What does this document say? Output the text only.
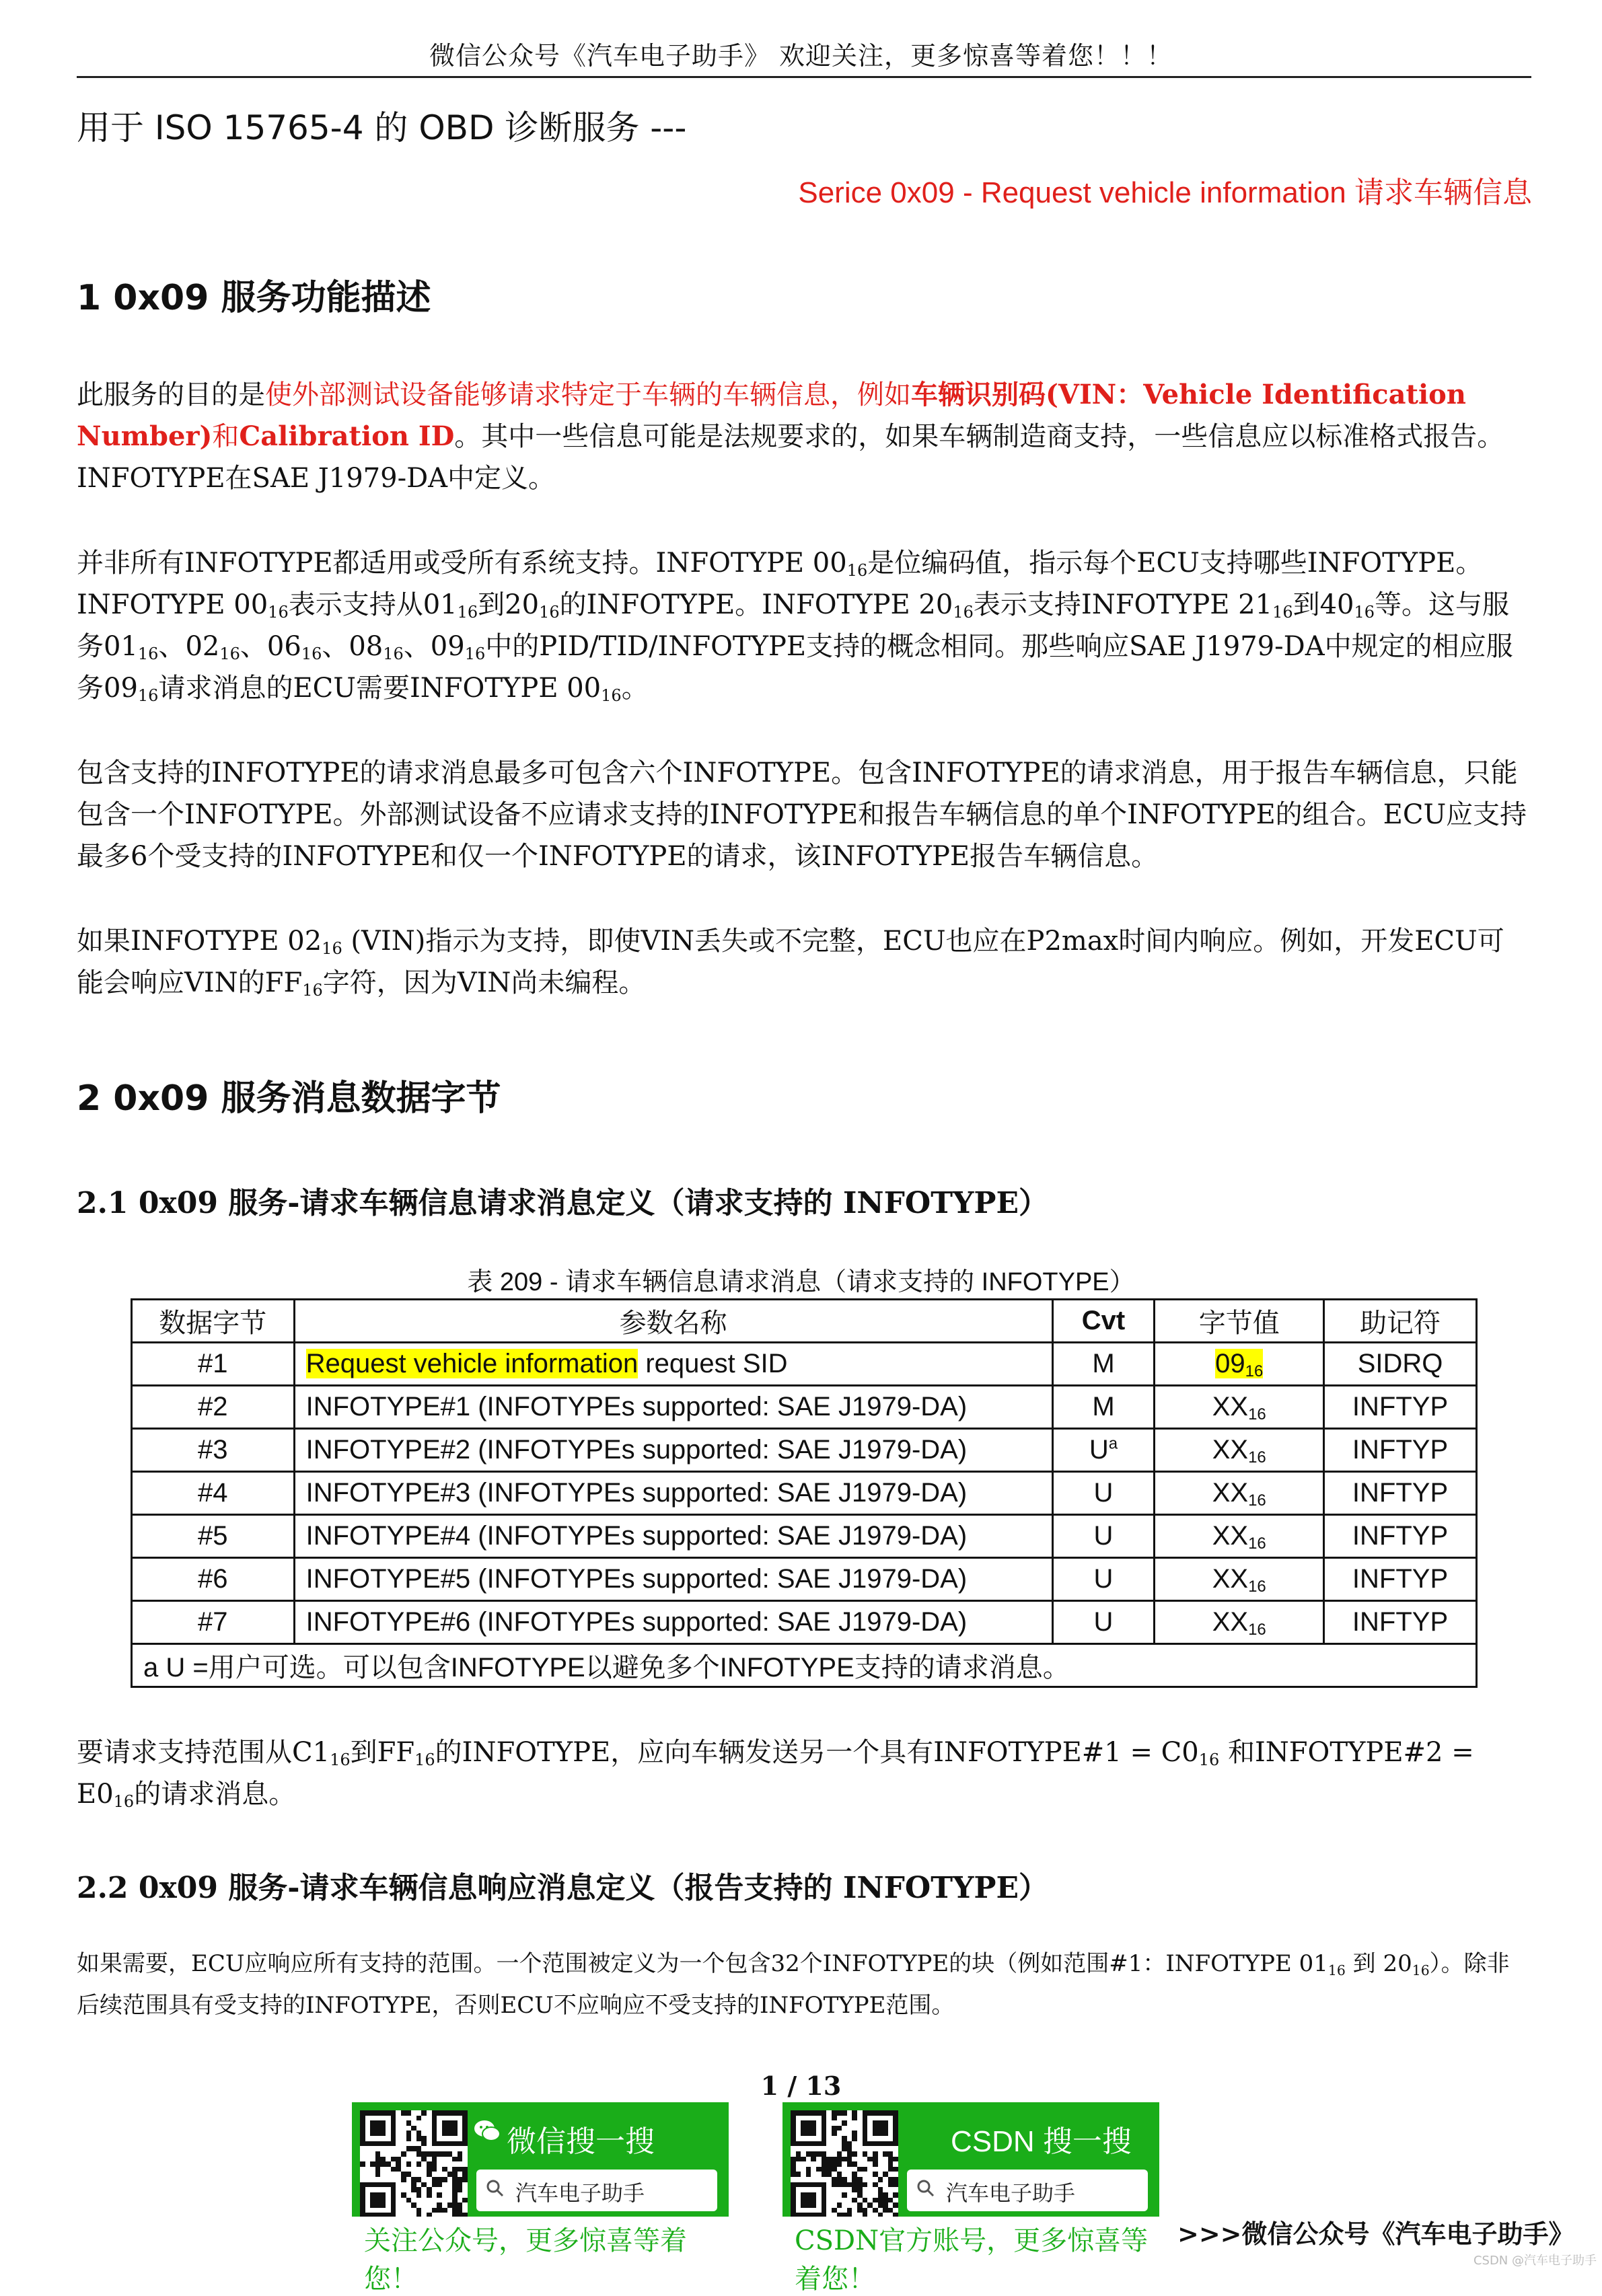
微信公众号《汽车电子助手》 欢迎关注，更多惊喜等着您！！！
用于 ISO 15765-4 的 OBD 诊断服务 ---
Serice 0x09 - Request vehicle information 请求车辆信息
1 0x09 服务功能描述
此服务的目的是使外部测试设备能够请求特定于车辆的车辆信息，例如车辆识别码(VIN：Vehicle Identification Number)和Calibration ID。其中一些信息可能是法规要求的，如果车辆制造商支持，一些信息应以标准格式报告。INFOTYPE在SAE J1979-DA中定义。
并非所有INFOTYPE都适用或受所有系统支持。INFOTYPE $00_{16}$是位编码值，指示每个ECU支持哪些INFOTYPE。INFOTYPE $00_{16}$表示支持从$01_{16}$到$20_{16}$的INFOTYPE。INFOTYPE $20_{16}$表示支持INFOTYPE $21_{16}$到$40_{16}$等。这与服务$01_{16}$、$02_{16}$、$06_{16}$、$08_{16}$、$09_{16}$中的PID/TID/INFOTYPE支持的概念相同。那些响应SAE J1979-DA中规定的相应服务$09_{16}$请求消息的ECU需要INFOTYPE $00_{16}$。
包含支持的INFOTYPE的请求消息最多可包含六个INFOTYPE。包含INFOTYPE的请求消息，用于报告车辆信息，只能包含一个INFOTYPE。外部测试设备不应请求支持的INFOTYPE和报告车辆信息的单个INFOTYPE的组合。ECU应支持最多6个受支持的INFOTYPE和仅一个INFOTYPE的请求，该INFOTYPE报告车辆信息。
如果INFOTYPE $02_{16}$ (VIN)指示为支持，即使VIN丢失或不完整，ECU也应在P2max时间内响应。例如，开发ECU可能会响应VIN的$FF_{16}$字符，因为VIN尚未编程。
2 0x09 服务消息数据字节
2.1 0x09 服务-请求车辆信息请求消息定义（请求支持的 INFOTYPE）
表 209 - 请求车辆信息请求消息（请求支持的 INFOTYPE）
数据字节	参数名称	Cvt	字节值	助记符
#1	Request vehicle information request SID	M	$09_{16}$	SIDRQ
#2	INFOTYPE#1 (INFOTYPEs supported: SAE J1979-DA)	M	$XX_{16}$	INFTYP
#3	INFOTYPE#2 (INFOTYPEs supported: SAE J1979-DA)	$U^a$	$XX_{16}$	INFTYP
#4	INFOTYPE#3 (INFOTYPEs supported: SAE J1979-DA)	U	$XX_{16}$	INFTYP
#5	INFOTYPE#4 (INFOTYPEs supported: SAE J1979-DA)	U	$XX_{16}$	INFTYP
#6	INFOTYPE#5 (INFOTYPEs supported: SAE J1979-DA)	U	$XX_{16}$	INFTYP
#7	INFOTYPE#6 (INFOTYPEs supported: SAE J1979-DA)	U	$XX_{16}$	INFTYP
a U =用户可选。可以包含INFOTYPE以避免多个INFOTYPE支持的请求消息。				
要请求支持范围从$C1_{16}$到$FF_{16}$的INFOTYPE，应向车辆发送另一个具有INFOTYPE#1 = $C0_{16}$ 和INFOTYPE#2 = $E0_{16}$的请求消息。
2.2 0x09 服务-请求车辆信息响应消息定义（报告支持的 INFOTYPE）
如果需要，ECU应响应所有支持的范围。一个范围被定义为一个包含32个INFOTYPE的块（例如范围#1：INFOTYPE $01_{16}$ 到 $20_{16}$）。除非后续范围具有受支持的INFOTYPE，否则ECU不应响应不受支持的INFOTYPE范围。
1 / 13
微信搜一搜
汽车电子助手
关注公众号，更多惊喜等着您！
CSDN 搜一搜
汽车电子助手
CSDN官方账号，更多惊喜等着您！
>>>微信公众号《汽车电子助手》
CSDN @汽车电子助手
